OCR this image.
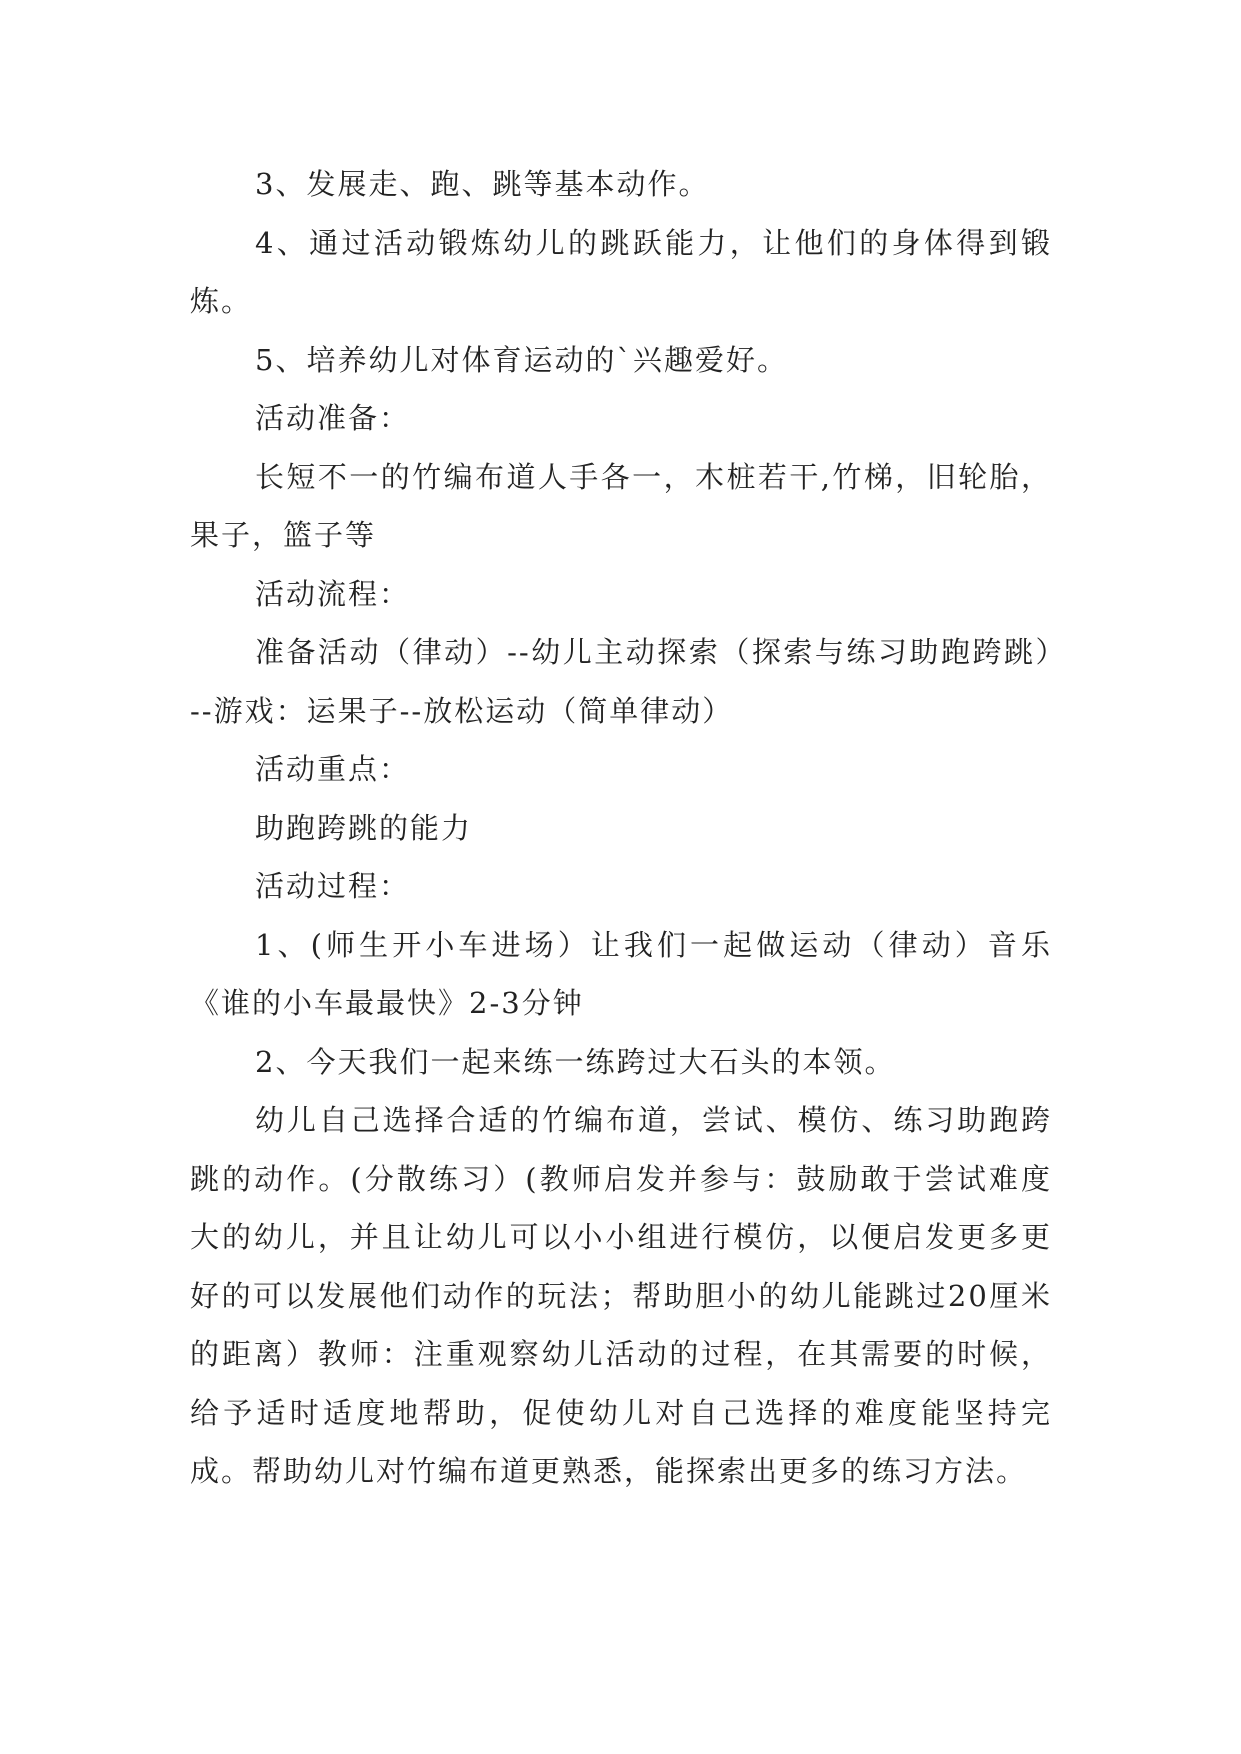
3、发展走、跑、跳等基本动作。

4、通过活动锻炼幼儿的跳跃能力，让他们的身体得到锻炼。

5、培养幼儿对体育运动的`兴趣爱好。

活动准备：

长短不一的竹编布道人手各一，木桩若干,竹梯，旧轮胎，果子，篮子等

活动流程：

准备活动（律动）--幼儿主动探索（探索与练习助跑跨跳）--游戏：运果子--放松运动（简单律动）

活动重点：

助跑跨跳的能力

活动过程：

1、(师生开小车进场）让我们一起做运动（律动）音乐《谁的小车最最快》2-3分钟

2、今天我们一起来练一练跨过大石头的本领。

幼儿自己选择合适的竹编布道，尝试、模仿、练习助跑跨跳的动作。(分散练习）(教师启发并参与：鼓励敢于尝试难度大的幼儿，并且让幼儿可以小小组进行模仿，以便启发更多更好的可以发展他们动作的玩法；帮助胆小的幼儿能跳过20厘米的距离）教师：注重观察幼儿活动的过程，在其需要的时候，给予适时适度地帮助，促使幼儿对自己选择的难度能坚持完成。帮助幼儿对竹编布道更熟悉，能探索出更多的练习方法。
